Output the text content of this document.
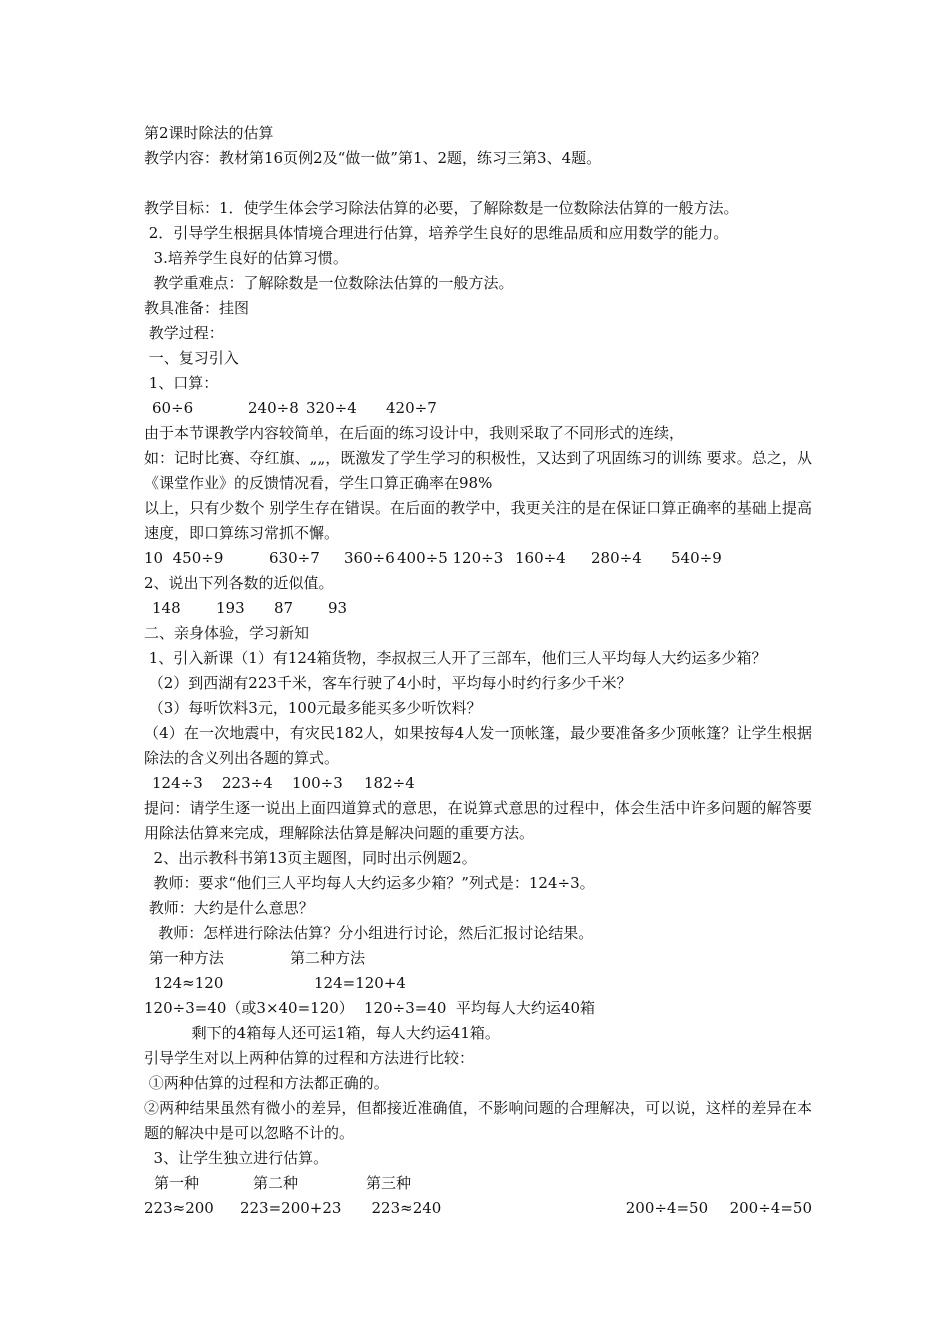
第2课时除法的估算
教学内容：教材第16页例2及“做一做”第1、2题，练习三第3、4题。
教学目标：1．使学生体会学习除法估算的必要，了解除数是一位数除法估算的一般方法。
2．引导学生根据具体情境合理进行估算，培养学生良好的思维品质和应用数学的能力。
3.培养学生良好的估算习惯。
教学重难点：了解除数是一位数除法估算的一般方法。
教具准备：挂图
教学过程：
一、复习引入
1、口算：
60÷6	240÷8 320÷4	420÷7
由于本节课教学内容较简单，在后面的练习设计中，我则采取了不同形式的连续，
如：记时比赛、夺红旗、„„，既激发了学生学习的积极性，又达到了巩固练习的训练 要求。总之，从《课堂作业》的反馈情况看，学生口算正确率在98%
以上，只有少数个 别学生存在错误。在后面的教学中，我更关注的是在保证口算正确率的基础上提高速度，即口算练习常抓不懈。
10  450÷9	630÷7	360÷6 400÷5 120÷3 160÷4	280÷4	540÷9
2、说出下列各数的近似值。
148	193	87	93
二、亲身体验，学习新知
1、引入新课（1）有124箱货物，李叔叔三人开了三部车，他们三人平均每人大约运多少箱？
（2）到西湖有223千米，客车行驶了4小时，平均每小时约行多少千米？
（3）每听饮料3元，100元最多能买多少听饮料？
（4）在一次地震中，有灾民182人，如果按每4人发一顶帐篷，最少要准备多少顶帐篷？让学生根据除法的含义列出各题的算式。
124÷3	223÷4	100÷3	182÷4
提问：请学生逐一说出上面四道算式的意思，在说算式意思的过程中，体会生活中许多问题的解答要用除法估算来完成，理解除法估算是解决问题的重要方法。
2、出示教科书第13页主题图，同时出示例题2。
教师：要求“他们三人平均每人大约运多少箱？”列式是：124÷3。
教师：大约是什么意思？
教师：怎样进行除法估算？分小组进行讨论，然后汇报讨论结果。
第一种方法	第二种方法
124≈120	124=120+4
120÷3=40（或3×40=120） 120÷3=40  平均每人大约运40箱
剩下的4箱每人还可运1箱，每人大约运41箱。
引导学生对以上两种估算的过程和方法进行比较：
①两种估算的过程和方法都正确的。
②两种结果虽然有微小的差异，但都接近准确值，不影响问题的合理解决，可以说，这样的差异在本题的解决中是可以忽略不计的。
3、让学生独立进行估算。
第一种	第二种	第三种
223≈200	223=200+23	223≈240	200÷4=50	200÷4=50
